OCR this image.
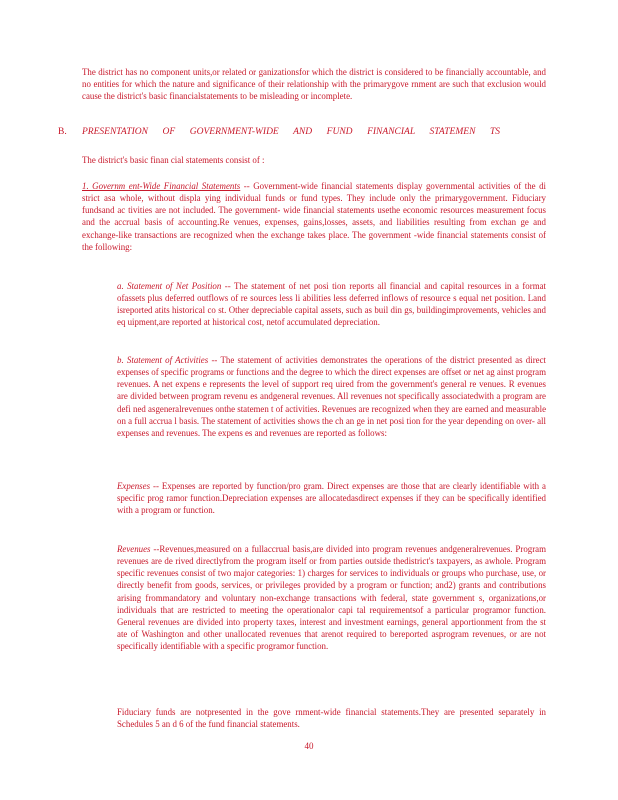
The district has no component units,or related or ganizationsfor which the district is considered to be financially accountable, and no entities for which the nature and significance of their relationship with the primarygove rnment are such that exclusion would cause the district's basic financialstatements to be misleading or incomplete.

B. PRESENTATION OF GOVERNMENT-WIDE AND FUND FINANCIAL STATEMEN TS

The district's basic finan cial statements consist of :

1. Governm ent-Wide Financial Statements -- Government-wide financial statements display governmental activities of the di strict asa whole, without displa ying individual funds or fund types. They include only the primarygovernment. Fiduciary fundsand ac tivities are not included. The government- wide financial statements usethe economic resources measurement focus and the accrual basis of accounting.Re venues, expenses, gains,losses, assets, and liabilities resulting from exchan ge and exchange-like transactions are recognized when the exchange takes place. The government -wide financial statements consist of the following:

a. Statement of Net Position -- The statement of net posi tion reports all financial and capital resources in a format ofassets plus deferred outflows of re sources less li abilities less deferred inflows of resource s equal net position. Land isreported atits historical co st. Other depreciable capital assets, such as buil din gs, buildingimprovements, vehicles and eq uipment,are reported at historical cost, netof accumulated depreciation.

b. Statement of Activities -- The statement of activities demonstrates the operations of the district presented as direct expenses of specific programs or functions and the degree to which the direct expenses are offset or net ag ainst program revenues. A net expens e represents the level of support req uired from the government's general re venues. R evenues are divided between program revenu es andgeneral revenues. All revenues not specifically associatedwith a program are defi ned asgeneralrevenues onthe statemen t of activities. Revenues are recognized when they are earned and measurable on a full accrua l basis. The statement of activities shows the ch an ge in net posi tion for the year depending on over- all expenses and revenues. The expens es and revenues are reported as follows:

Expenses -- Expenses are reported by function/pro gram. Direct expenses are those that are clearly identifiable with a specific prog ramor function.Depreciation expenses are allocatedasdirect expenses if they can be specifically identified with a program or function.

Revenues --Revenues,measured on a fullaccrual basis,are divided into program revenues andgeneralrevenues. Program revenues are de rived directlyfrom the program itself or from parties outside thedistrict's taxpayers, as awhole. Program specific revenues consist of two major categories: 1) charges for services to individuals or groups who purchase, use, or directly benefit from goods, services, or privileges provided by a program or function; and2) grants and contributions arising frommandatory and voluntary non-exchange transactions with federal, state government s, organizations,or individuals that are restricted to meeting the operationalor capi tal requirementsof a particular programor function. General revenues are divided into property taxes, interest and investment earnings, general apportionment from the st ate of Washington and other unallocated revenues that arenot required to bereported asprogram revenues, or are not specifically identifiable with a specific programor function.

Fiduciary funds are notpresented in the gove rnment-wide financial statements.They are presented separately in Schedules 5 an d 6 of the fund financial statements.

40
